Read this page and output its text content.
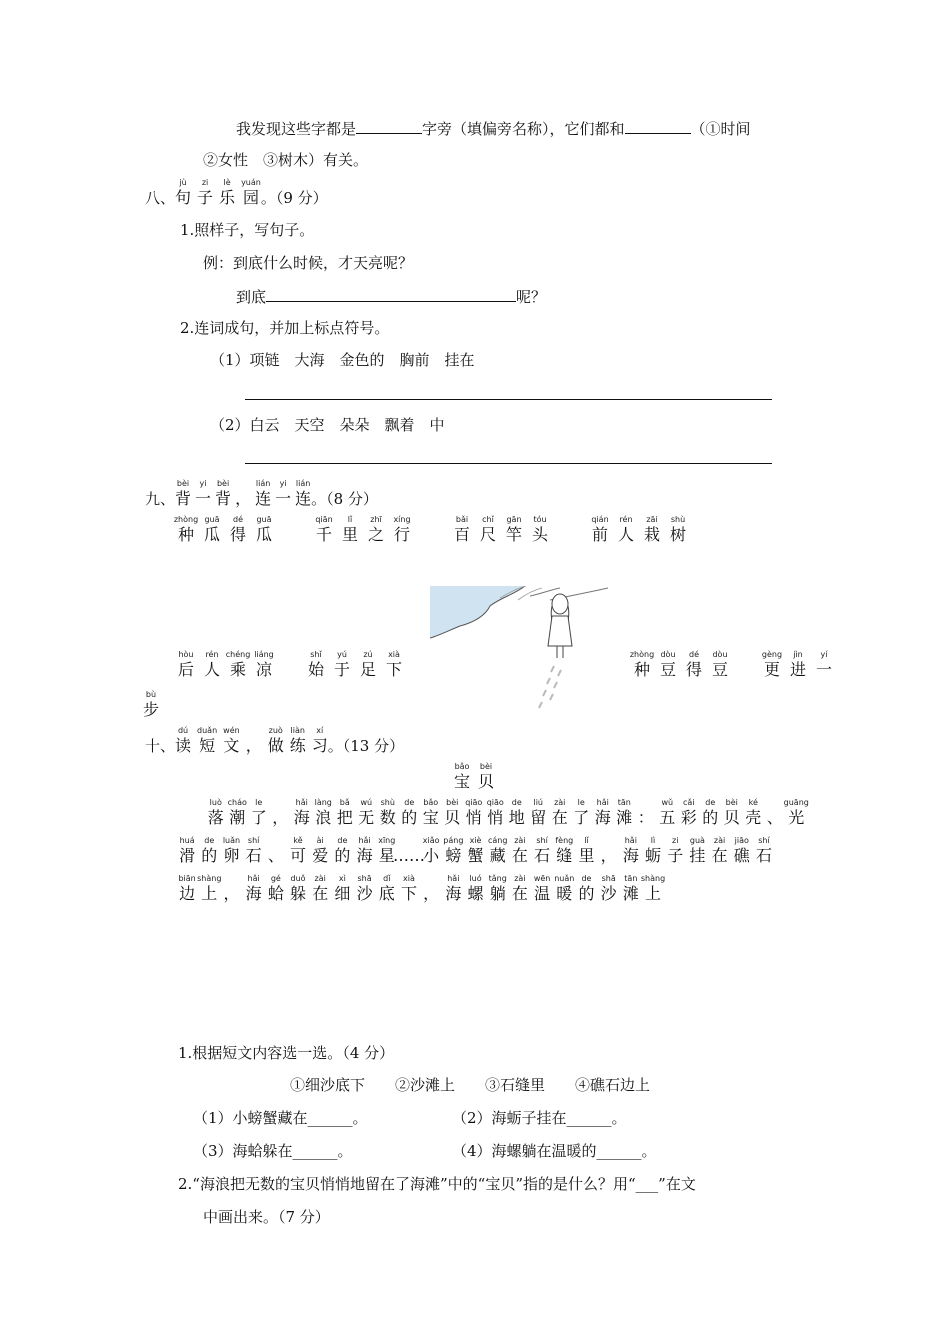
我发现这些字都是	字旁（填偏旁名称），它们都和	（①时间
②女性　③树木）有关。
八、
jù
句
zi
子
lè
乐
yuán
园 。（9 分）
1.照样子，写句子。
例：到底什么时候，才天亮呢？
到底	呢？
2.连词成句，并加上标点符号。
（1）项链　大海　金色的　胸前　挂在
（2）白云　天空　朵朵　飘着　中
九、
bèi
背
yi
一
bèi
背 ，
lián
连
yi
一
lián
连 。（8 分）
zhòng
种
guā
瓜
dé
得
guā
瓜
qiān
千
lǐ
里
zhī
之
xíng
行
bǎi
百
chǐ
尺
gān
竿
tóu
头
qián
前
rén
人
zāi
栽
shù
树
hòu
后
rén
人
chéng
乘
liáng
凉
shǐ
始
yú
于
zú
足
xià
下
zhòng
种
dòu
豆
dé
得
dòu
豆
gèng
更
jìn
进
yí
一
bù
步
十、
dú
读
duǎn
短
wén
文 ，
zuò
做
liàn
练
xí
习 。（13 分）
bǎo
宝
bèi
贝
luò
落
cháo
潮
le
了 ，
hǎi
海
làng
浪
bǎ
把
wú
无
shù
数
de
的
bǎo
宝
bèi
贝
qiāo
悄
qiāo
悄
de
地
liú
留
zài
在
le
了
hǎi
海
tān
滩 ：
wǔ
五
cǎi
彩
de
的
bèi
贝
ké
壳 、
guāng
光
huá
滑
de
的
luǎn
卵
shí
石 、
kě
可
ài
爱
de
的
hǎi
海
xīng
星
……
xiǎo
小
páng
螃
xiè
蟹
cáng
藏
zài
在
shí
石
fèng
缝
lǐ
里 ，
hǎi
海
lì
蛎
zi
子
guà
挂
zài
在
jiāo
礁
shí
石
biān
边
shàng
上 ，
hǎi
海
gé
蛤
duǒ
躲
zài
在
xì
细
shā
沙
dǐ
底
xià
下 ，
hǎi
海
luó
螺
tǎng
躺
zài
在
wēn
温
nuǎn
暖
de
的
shā
沙
tān
滩
shàng
上
1.根据短文内容选一选。（4 分）
①细沙底下　　②沙滩上　　③石缝里　　④礁石边上
（1）小螃蟹藏在______。	（2）海蛎子挂在______。
（3）海蛤躲在______。	（4）海螺躺在温暖的______。
2.“海浪把无数的宝贝悄悄地留在了海滩”中的“宝贝”指的是什么？用“___”在文
中画出来。（7 分）
